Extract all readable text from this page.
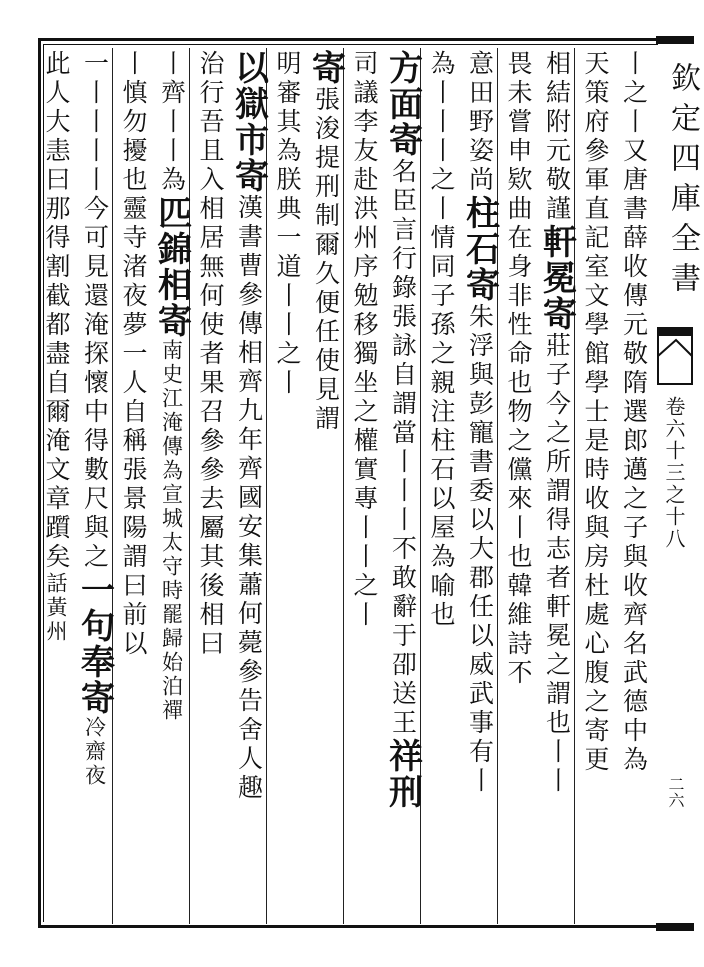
欽定四庫全書
卷六十三之十八
二六
丨之丨又唐書薛收傳元敬隋選郎邁之子與收齊名武德中為
天策府參軍直記室文學館學士是時收與房杜處心腹之寄更
相結附元敬謹
軒冕寄
莊子今之所謂得志者軒冕之謂也丨丨
畏未嘗申欵曲
在身非性命也物之儻來丨也韓維詩不
意田野姿尚
柱石寄
朱浮與彭寵書委以大郡任以威武事有丨
為丨丨
丨之丨情同子孫之親注柱石以屋為喻也
方面寄
名臣言行錄張詠自謂當丨丨丨不敢辭于卲送王
祥刑
司議李友赴洪州序勉移獨坐之權實專丨丨之丨
寄
張浚提刑制爾久便任使見謂
明審其為朕典一道丨丨之丨
以獄市寄
漢書曹參傳相齊九年齊國安集蕭何薨參告舍人趣
治行吾且入相居無何使者果召參參去屬其後相曰
丨齊丨丨為
匹錦相寄
南史江淹傳為宣城太守時罷歸始泊禪
丨慎勿擾也
靈寺渚夜夢一人自稱張景陽謂曰前以
一丨丨丨丨今可見還淹探懷中得數尺與之
一句奉寄
冷齋夜
此人大恚曰那得割截都盡自爾淹文章躓矣
話黃州
